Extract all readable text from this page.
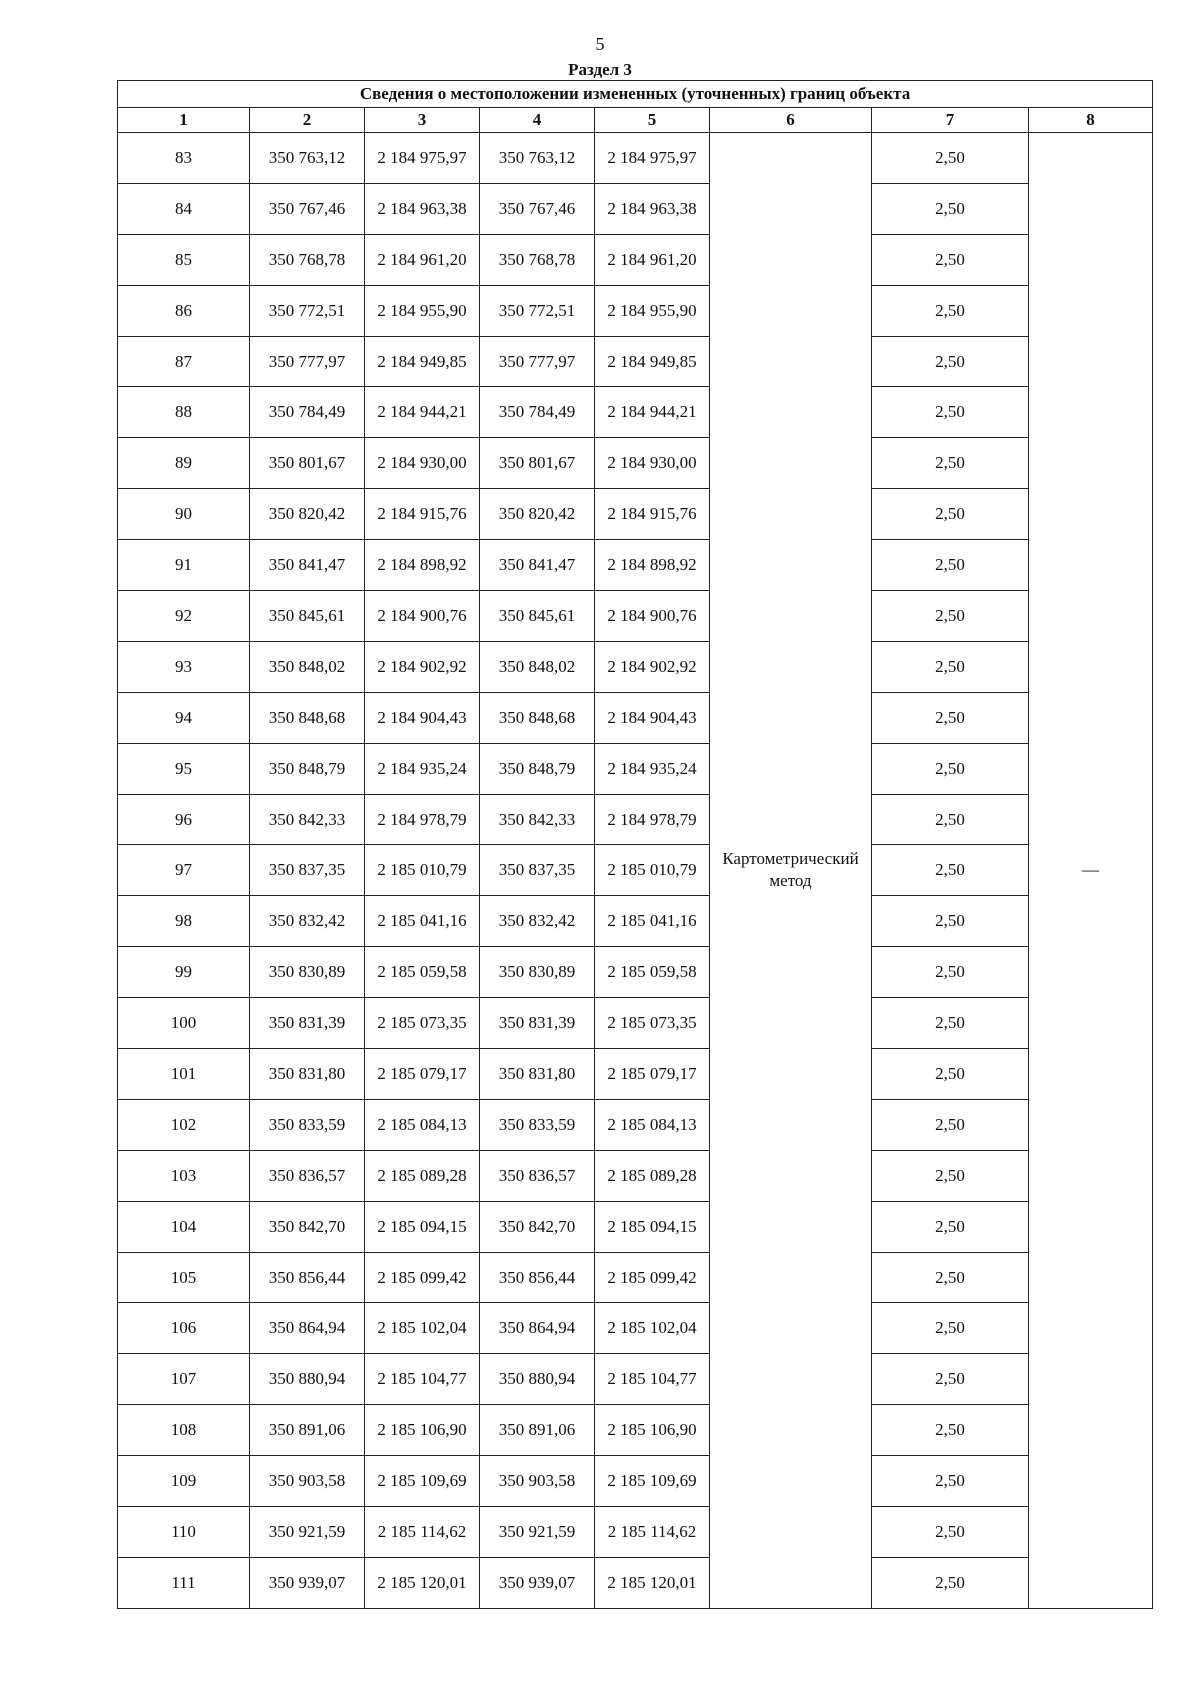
5
Раздел 3
Сведения о местоположении измененных (уточненных) границ объекта							
1	2	3	4	5	6	7	8
83	350 763,12	2 184 975,97	350 763,12	2 184 975,97	Картометрический метод	2,50	—
84	350 767,46	2 184 963,38	350 767,46	2 184 963,38		2,50	
85	350 768,78	2 184 961,20	350 768,78	2 184 961,20		2,50	
86	350 772,51	2 184 955,90	350 772,51	2 184 955,90		2,50	
87	350 777,97	2 184 949,85	350 777,97	2 184 949,85		2,50	
88	350 784,49	2 184 944,21	350 784,49	2 184 944,21		2,50	
89	350 801,67	2 184 930,00	350 801,67	2 184 930,00		2,50	
90	350 820,42	2 184 915,76	350 820,42	2 184 915,76		2,50	
91	350 841,47	2 184 898,92	350 841,47	2 184 898,92		2,50	
92	350 845,61	2 184 900,76	350 845,61	2 184 900,76		2,50	
93	350 848,02	2 184 902,92	350 848,02	2 184 902,92		2,50	
94	350 848,68	2 184 904,43	350 848,68	2 184 904,43		2,50	
95	350 848,79	2 184 935,24	350 848,79	2 184 935,24		2,50	
96	350 842,33	2 184 978,79	350 842,33	2 184 978,79		2,50	
97	350 837,35	2 185 010,79	350 837,35	2 185 010,79		2,50	
98	350 832,42	2 185 041,16	350 832,42	2 185 041,16		2,50	
99	350 830,89	2 185 059,58	350 830,89	2 185 059,58		2,50	
100	350 831,39	2 185 073,35	350 831,39	2 185 073,35		2,50	
101	350 831,80	2 185 079,17	350 831,80	2 185 079,17		2,50	
102	350 833,59	2 185 084,13	350 833,59	2 185 084,13		2,50	
103	350 836,57	2 185 089,28	350 836,57	2 185 089,28		2,50	
104	350 842,70	2 185 094,15	350 842,70	2 185 094,15		2,50	
105	350 856,44	2 185 099,42	350 856,44	2 185 099,42		2,50	
106	350 864,94	2 185 102,04	350 864,94	2 185 102,04		2,50	
107	350 880,94	2 185 104,77	350 880,94	2 185 104,77		2,50	
108	350 891,06	2 185 106,90	350 891,06	2 185 106,90		2,50	
109	350 903,58	2 185 109,69	350 903,58	2 185 109,69		2,50	
110	350 921,59	2 185 114,62	350 921,59	2 185 114,62		2,50	
111	350 939,07	2 185 120,01	350 939,07	2 185 120,01		2,50	
